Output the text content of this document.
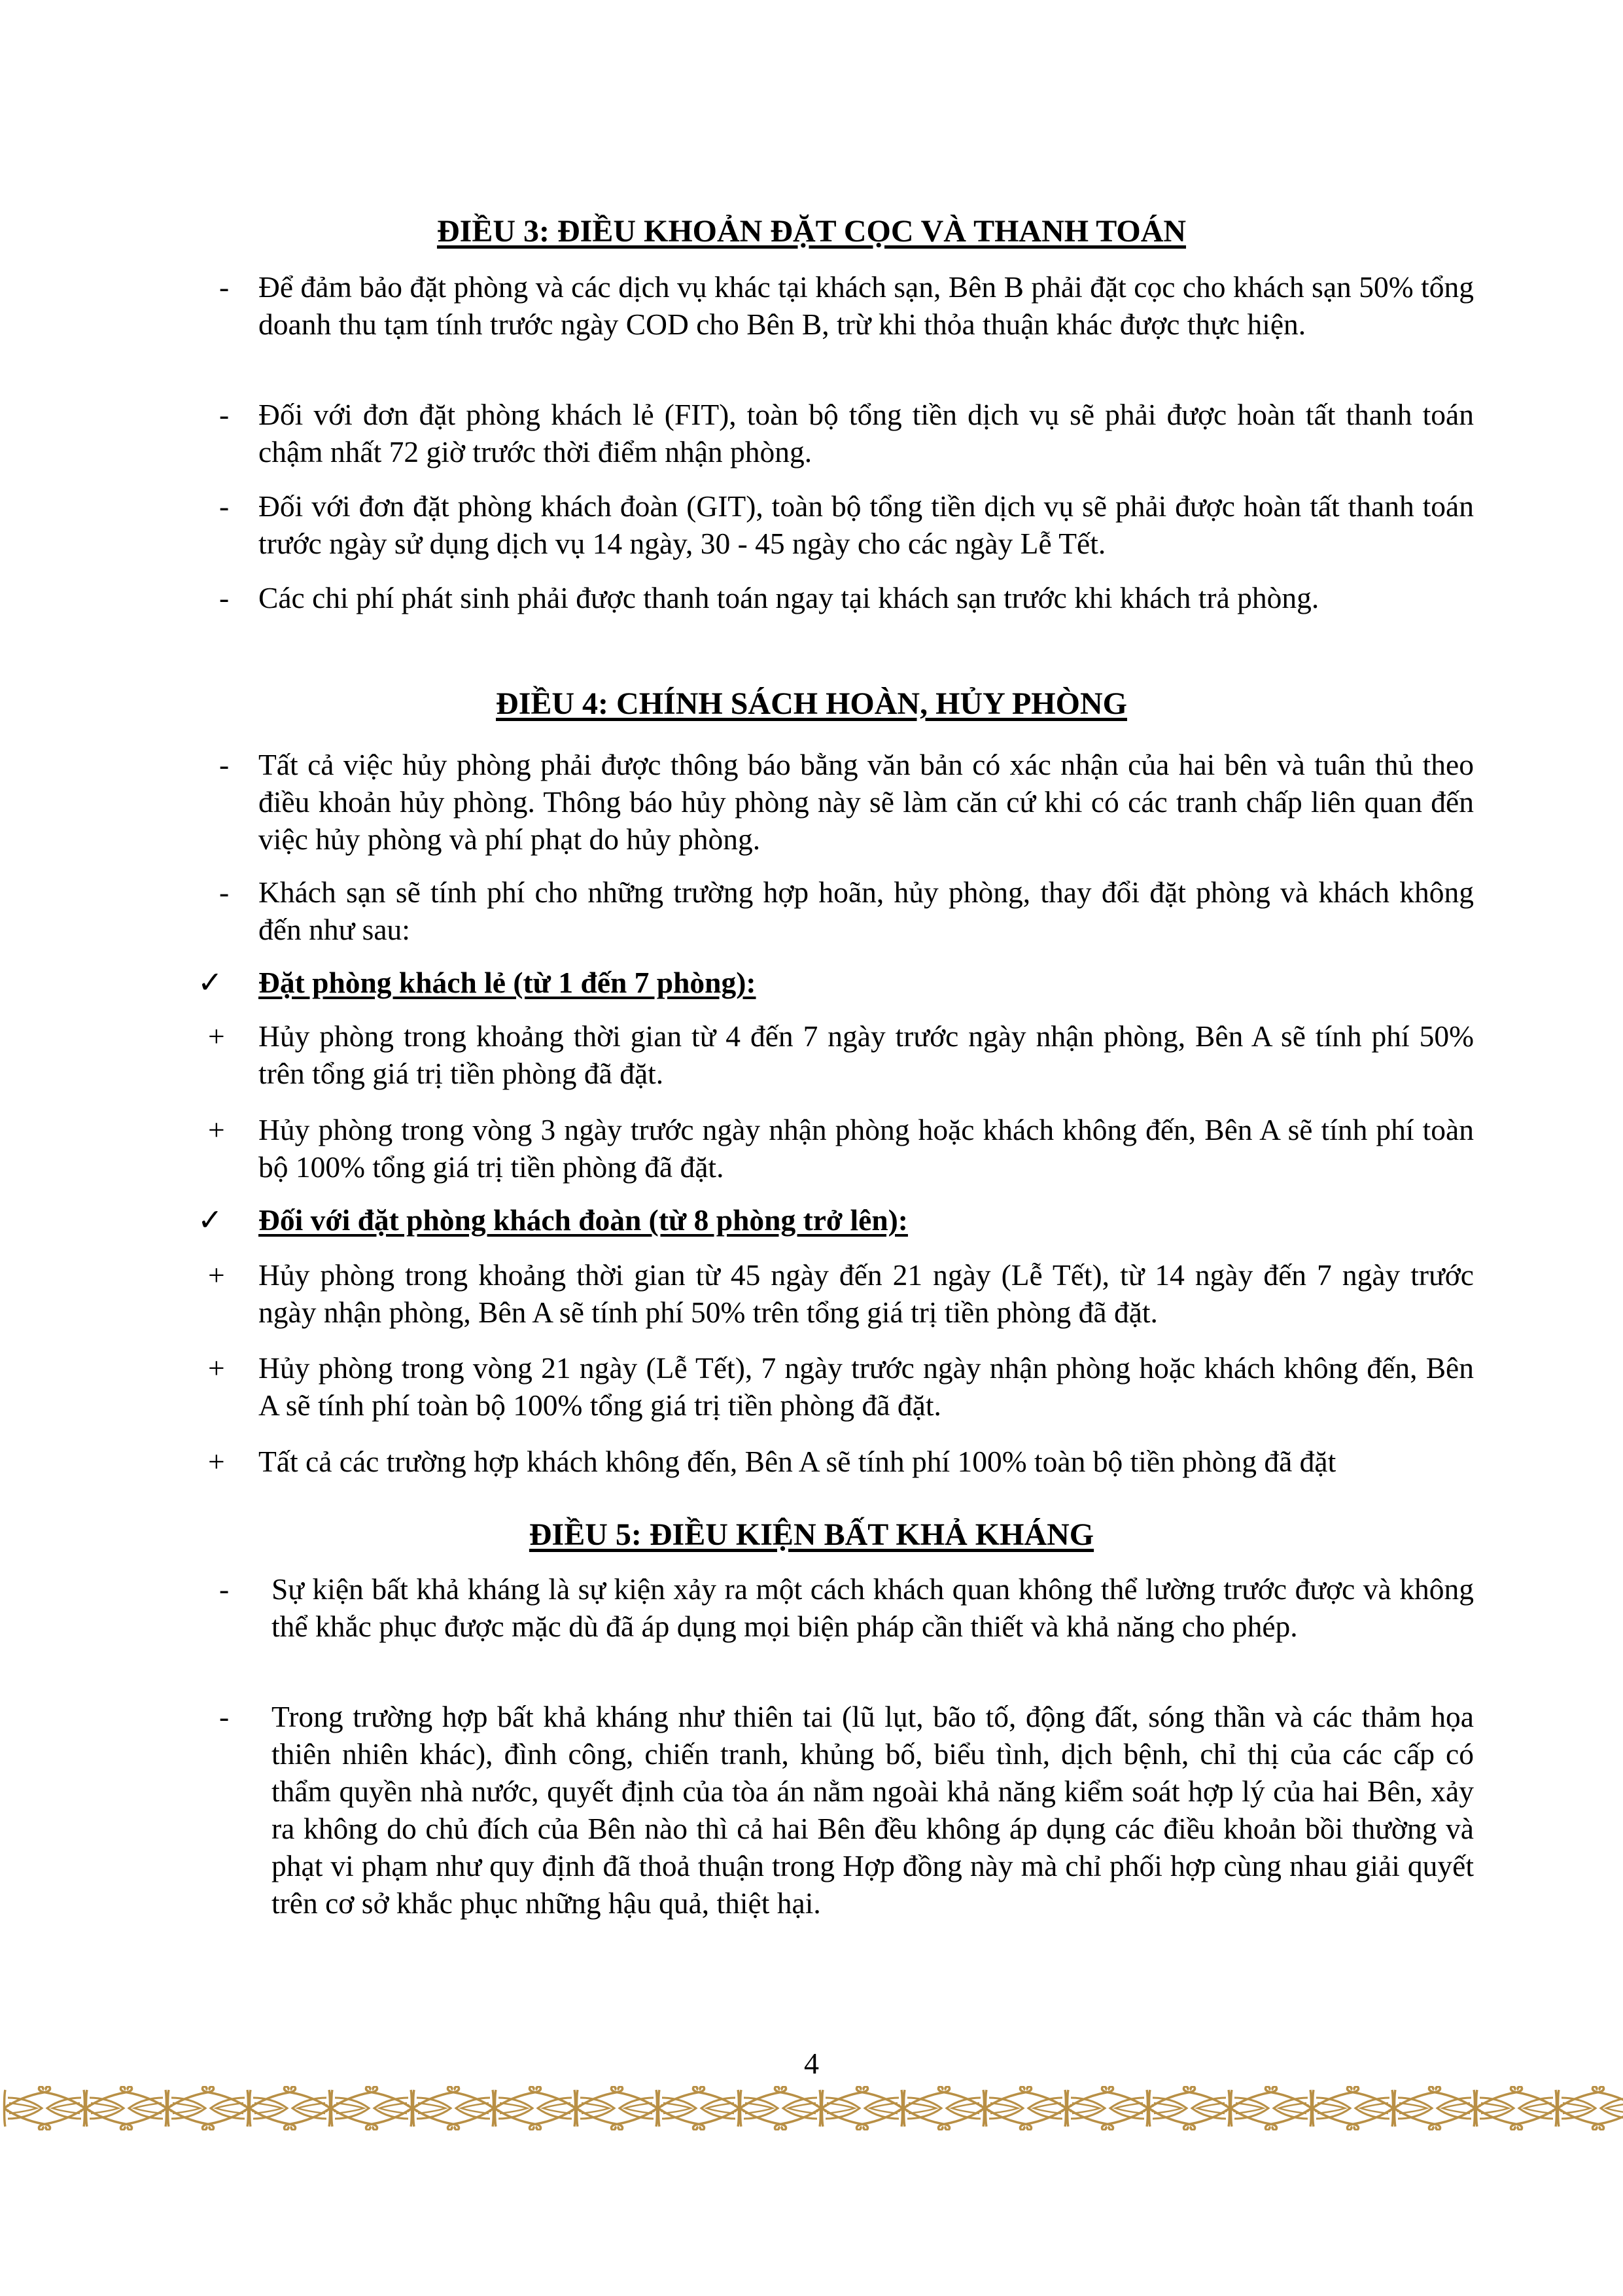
ĐIỀU 3: ĐIỀU KHOẢN ĐẶT CỌC VÀ THANH TOÁN
- Để đảm bảo đặt phòng và các dịch vụ khác tại khách sạn, Bên B phải đặt cọc cho khách sạn 50% tổng doanh thu tạm tính trước ngày COD cho Bên B, trừ khi thỏa thuận khác được thực hiện.
- Đối với đơn đặt phòng khách lẻ (FIT), toàn bộ tổng tiền dịch vụ sẽ phải được hoàn tất thanh toán chậm nhất 72 giờ trước thời điểm nhận phòng.
- Đối với đơn đặt phòng khách đoàn (GIT), toàn bộ tổng tiền dịch vụ sẽ phải được hoàn tất thanh toán trước ngày sử dụng dịch vụ 14 ngày, 30 - 45 ngày cho các ngày Lễ Tết.
- Các chi phí phát sinh phải được thanh toán ngay tại khách sạn trước khi khách trả phòng.
ĐIỀU 4: CHÍNH SÁCH HOÀN, HỦY PHÒNG
- Tất cả việc hủy phòng phải được thông báo bằng văn bản có xác nhận của hai bên và tuân thủ theo điều khoản hủy phòng. Thông báo hủy phòng này sẽ làm căn cứ khi có các tranh chấp liên quan đến việc hủy phòng và phí phạt do hủy phòng.
- Khách sạn sẽ tính phí cho những trường hợp hoãn, hủy phòng, thay đổi đặt phòng và khách không đến như sau:
✓ Đặt phòng khách lẻ (từ 1 đến 7 phòng):
+ Hủy phòng trong khoảng thời gian từ 4 đến 7 ngày trước ngày nhận phòng, Bên A sẽ tính phí 50% trên tổng giá trị tiền phòng đã đặt.
+ Hủy phòng trong vòng 3 ngày trước ngày nhận phòng hoặc khách không đến, Bên A sẽ tính phí toàn bộ 100% tổng giá trị tiền phòng đã đặt.
✓ Đối với đặt phòng khách đoàn (từ 8 phòng trở lên):
+ Hủy phòng trong khoảng thời gian từ 45 ngày đến 21 ngày (Lễ Tết), từ 14 ngày đến 7 ngày trước ngày nhận phòng, Bên A sẽ tính phí 50% trên tổng giá trị tiền phòng đã đặt.
+ Hủy phòng trong vòng 21 ngày (Lễ Tết), 7 ngày trước ngày nhận phòng hoặc khách không đến, Bên A sẽ tính phí toàn bộ 100% tổng giá trị tiền phòng đã đặt.
+ Tất cả các trường hợp khách không đến, Bên A sẽ tính phí 100% toàn bộ tiền phòng đã đặt
ĐIỀU 5: ĐIỀU KIỆN BẤT KHẢ KHÁNG
- Sự kiện bất khả kháng là sự kiện xảy ra một cách khách quan không thể lường trước được và không thể khắc phục được mặc dù đã áp dụng mọi biện pháp cần thiết và khả năng cho phép.
- Trong trường hợp bất khả kháng như thiên tai (lũ lụt, bão tố, động đất, sóng thần và các thảm họa thiên nhiên khác), đình công, chiến tranh, khủng bố, biểu tình, dịch bệnh, chỉ thị của các cấp có thẩm quyền nhà nước, quyết định của tòa án nằm ngoài khả năng kiểm soát hợp lý của hai Bên, xảy ra không do chủ đích của Bên nào thì cả hai Bên đều không áp dụng các điều khoản bồi thường và phạt vi phạm như quy định đã thoả thuận trong Hợp đồng này mà chỉ phối hợp cùng nhau giải quyết trên cơ sở khắc phục những hậu quả, thiệt hại.
4
